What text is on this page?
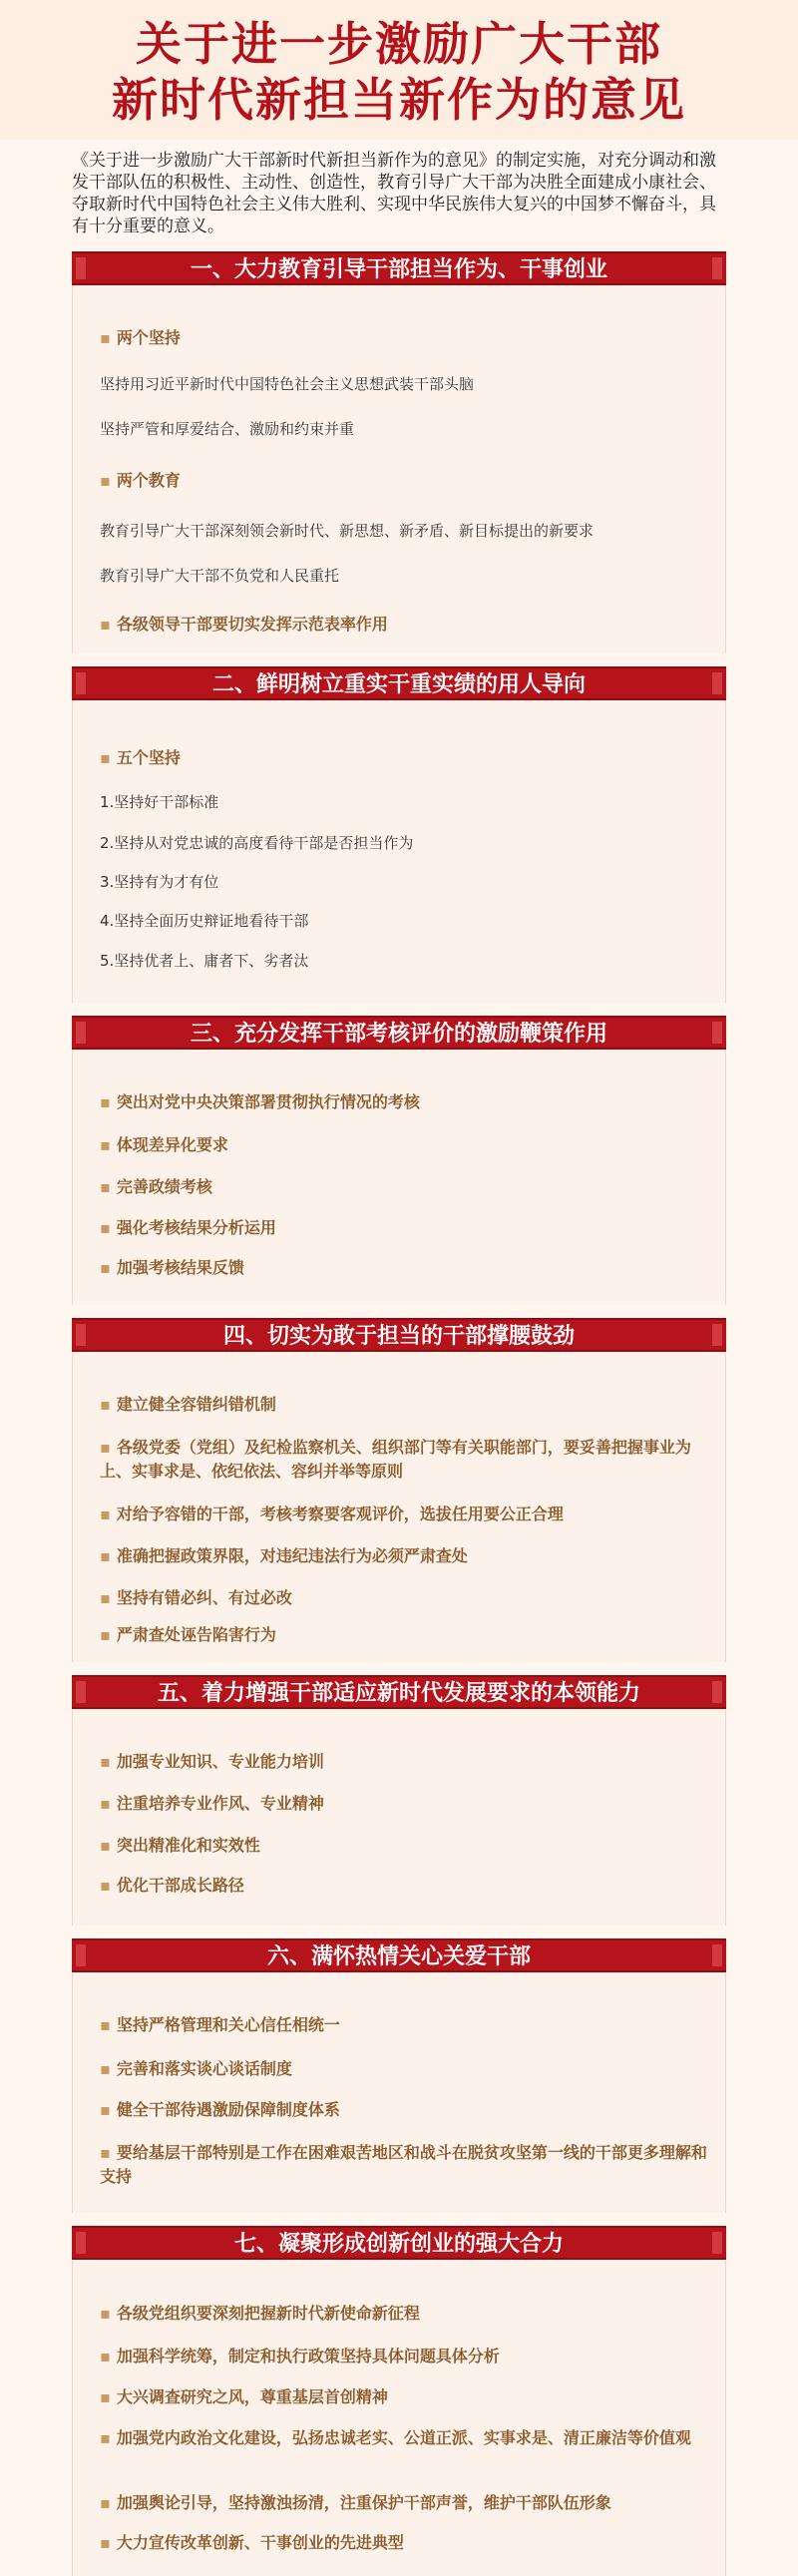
关于进一步激励广大干部
新时代新担当新作为的意见
《关于进一步激励广大干部新时代新担当新作为的意见》的制定实施，对充分调动和激发干部队伍的积极性、主动性、创造性，教育引导广大干部为决胜全面建成小康社会、夺取新时代中国特色社会主义伟大胜利、实现中华民族伟大复兴的中国梦不懈奋斗，具有十分重要的意义。
一、大力教育引导干部担当作为、干事创业
▪ 两个坚持
坚持用习近平新时代中国特色社会主义思想武装干部头脑
坚持严管和厚爱结合、激励和约束并重
▪ 两个教育
教育引导广大干部深刻领会新时代、新思想、新矛盾、新目标提出的新要求
教育引导广大干部不负党和人民重托
▪ 各级领导干部要切实发挥示范表率作用
二、鲜明树立重实干重实绩的用人导向
▪ 五个坚持
1.坚持好干部标准
2.坚持从对党忠诚的高度看待干部是否担当作为
3.坚持有为才有位
4.坚持全面历史辩证地看待干部
5.坚持优者上、庸者下、劣者汰
三、充分发挥干部考核评价的激励鞭策作用
▪ 突出对党中央决策部署贯彻执行情况的考核
▪ 体现差异化要求
▪ 完善政绩考核
▪ 强化考核结果分析运用
▪ 加强考核结果反馈
四、切实为敢于担当的干部撑腰鼓劲
▪ 建立健全容错纠错机制
▪ 各级党委（党组）及纪检监察机关、组织部门等有关职能部门，要妥善把握事业为上、实事求是、依纪依法、容纠并举等原则
▪ 对给予容错的干部，考核考察要客观评价，选拔任用要公正合理
▪ 准确把握政策界限，对违纪违法行为必须严肃查处
▪ 坚持有错必纠、有过必改
▪ 严肃查处诬告陷害行为
五、着力增强干部适应新时代发展要求的本领能力
▪ 加强专业知识、专业能力培训
▪ 注重培养专业作风、专业精神
▪ 突出精准化和实效性
▪ 优化干部成长路径
六、满怀热情关心关爱干部
▪ 坚持严格管理和关心信任相统一
▪ 完善和落实谈心谈话制度
▪ 健全干部待遇激励保障制度体系
▪ 要给基层干部特别是工作在困难艰苦地区和战斗在脱贫攻坚第一线的干部更多理解和支持
七、凝聚形成创新创业的强大合力
▪ 各级党组织要深刻把握新时代新使命新征程
▪ 加强科学统筹，制定和执行政策坚持具体问题具体分析
▪ 大兴调查研究之风，尊重基层首创精神
▪ 加强党内政治文化建设，弘扬忠诚老实、公道正派、实事求是、清正廉洁等价值观
▪ 加强舆论引导，坚持激浊扬清，注重保护干部声誉，维护干部队伍形象
▪ 大力宣传改革创新、干事创业的先进典型
